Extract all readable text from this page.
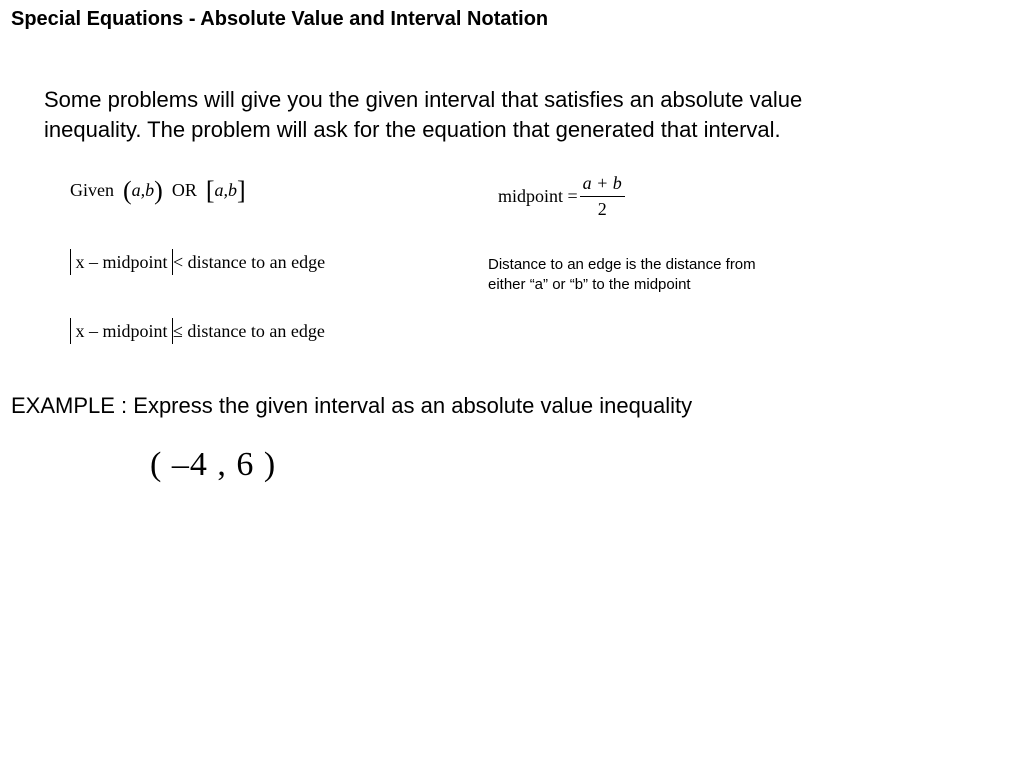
Special Equations - Absolute Value and Interval Notation
Some problems will give you the given interval that satisfies an absolute value
inequality. The problem will ask for the equation that generated that interval.
Given (a,b) OR [a,b]	midpoint = $\frac{a + b}{2}$
x – midpoint < distance to an edge	Distance to an edge is the distance from
either “a” or “b” to the midpoint
x – midpoint ≤ distance to an edge
EXAMPLE : Express the given interval as an absolute value inequality
( –4 , 6 )
